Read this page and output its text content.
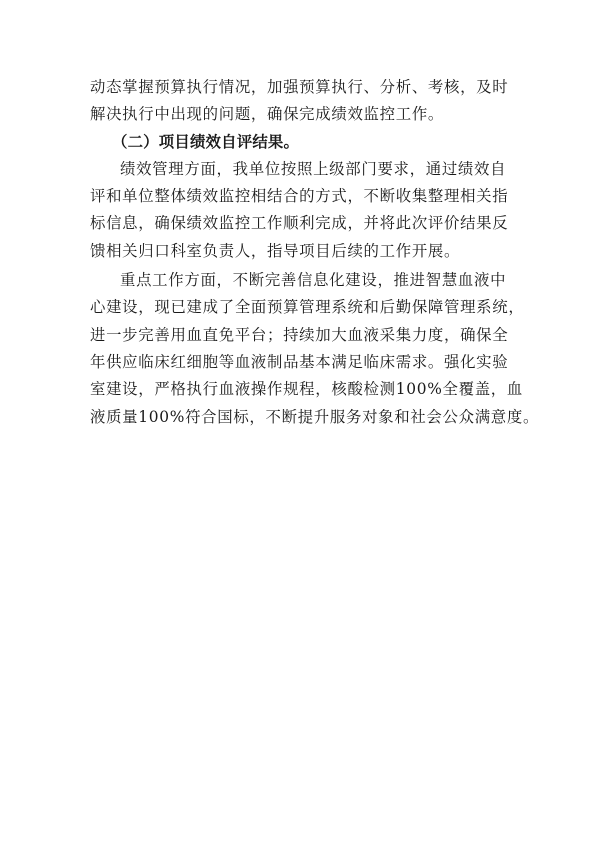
动态掌握预算执行情况，加强预算执行、分析、考核，及时
解决执行中出现的问题，确保完成绩效监控工作。
（二）项目绩效自评结果。
绩效管理方面，我单位按照上级部门要求，通过绩效自
评和单位整体绩效监控相结合的方式，不断收集整理相关指
标信息，确保绩效监控工作顺利完成，并将此次评价结果反
馈相关归口科室负责人，指导项目后续的工作开展。
重点工作方面，不断完善信息化建设，推进智慧血液中
心建设，现已建成了全面预算管理系统和后勤保障管理系统，
进一步完善用血直免平台；持续加大血液采集力度，确保全
年供应临床红细胞等血液制品基本满足临床需求。强化实验
室建设，严格执行血液操作规程，核酸检测100%全覆盖，血
液质量100%符合国标，不断提升服务对象和社会公众满意度。
